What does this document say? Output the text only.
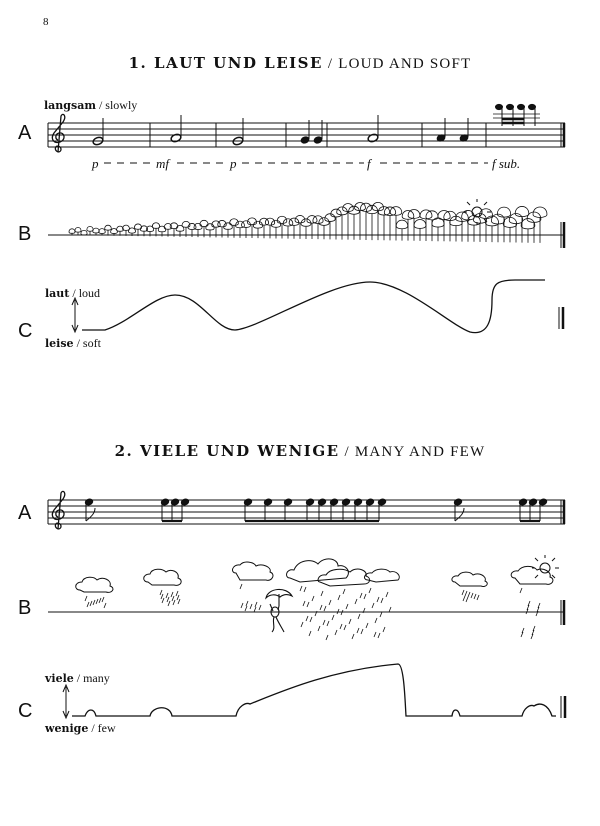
8
1. LAUT UND LEISE / LOUD AND SOFT
langsam / slowly
A
B
C
laut / loud
leise / soft
2. VIELE UND WENIGE / MANY AND FEW
A
B
C
viele / many
wenige / few
p	mf	p	f	f sub.
